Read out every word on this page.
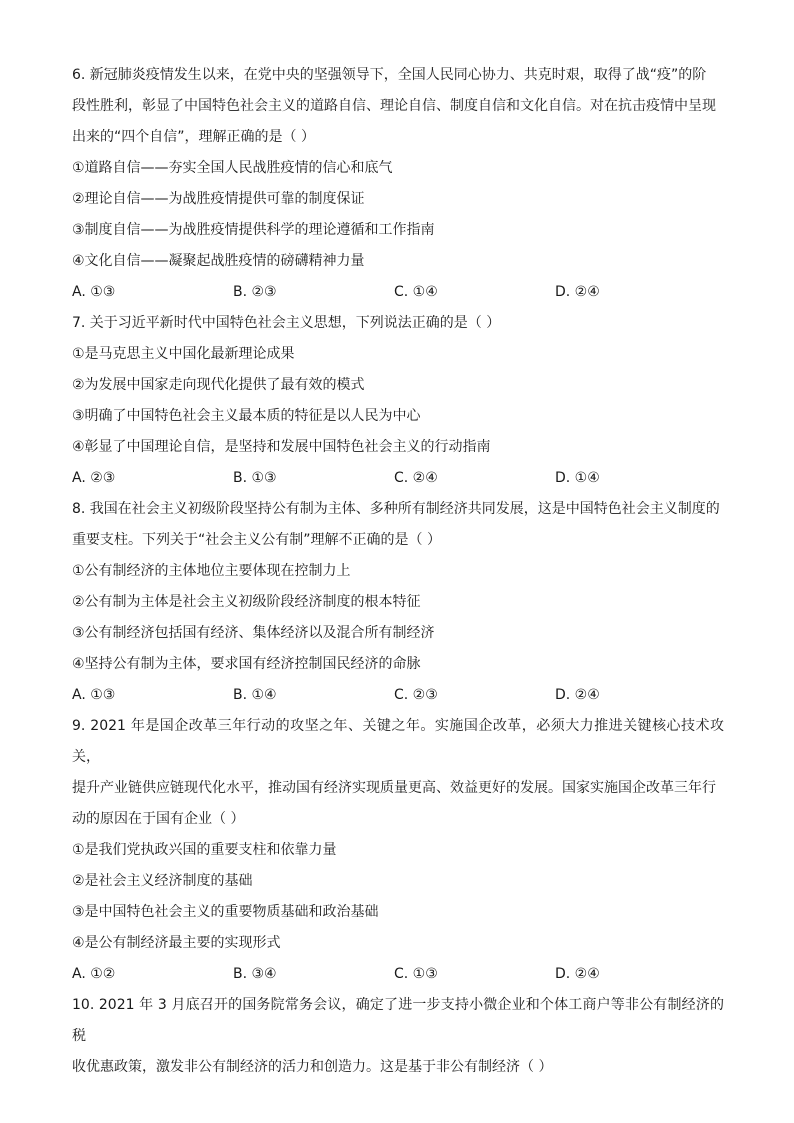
6. 新冠肺炎疫情发生以来，在党中央的坚强领导下，全国人民同心协力、共克时艰，取得了战“疫”的阶
段性胜利，彰显了中国特色社会主义的道路自信、理论自信、制度自信和文化自信。对在抗击疫情中呈现
出来的“四个自信”，理解正确的是（ ）
①道路自信——夯实全国人民战胜疫情的信心和底气
②理论自信——为战胜疫情提供可靠的制度保证
③制度自信——为战胜疫情提供科学的理论遵循和工作指南
④文化自信——凝聚起战胜疫情的磅礴精神力量
A. ①③	B. ②③	C. ①④	D. ②④
7. 关于习近平新时代中国特色社会主义思想，下列说法正确的是（ ）
①是马克思主义中国化最新理论成果
②为发展中国家走向现代化提供了最有效的模式
③明确了中国特色社会主义最本质的特征是以人民为中心
④彰显了中国理论自信，是坚持和发展中国特色社会主义的行动指南
A. ②③	B. ①③	C. ②④	D. ①④
8. 我国在社会主义初级阶段坚持公有制为主体、多种所有制经济共同发展，这是中国特色社会主义制度的
重要支柱。下列关于“社会主义公有制”理解不正确的是（ ）
①公有制经济的主体地位主要体现在控制力上
②公有制为主体是社会主义初级阶段经济制度的根本特征
③公有制经济包括国有经济、集体经济以及混合所有制经济
④坚持公有制为主体，要求国有经济控制国民经济的命脉
A. ①③	B. ①④	C. ②③	D. ②④
9. 2021 年是国企改革三年行动的攻坚之年、关键之年。实施国企改革，必须大力推进关键核心技术攻关，
提升产业链供应链现代化水平，推动国有经济实现质量更高、效益更好的发展。国家实施国企改革三年行
动的原因在于国有企业（ ）
①是我们党执政兴国的重要支柱和依靠力量
②是社会主义经济制度的基础
③是中国特色社会主义的重要物质基础和政治基础
④是公有制经济最主要的实现形式
A. ①②	B. ③④	C. ①③	D. ②④
10. 2021 年 3 月底召开的国务院常务会议，确定了进一步支持小微企业和个体工商户等非公有制经济的税
收优惠政策，激发非公有制经济的活力和创造力。这是基于非公有制经济（ ）
